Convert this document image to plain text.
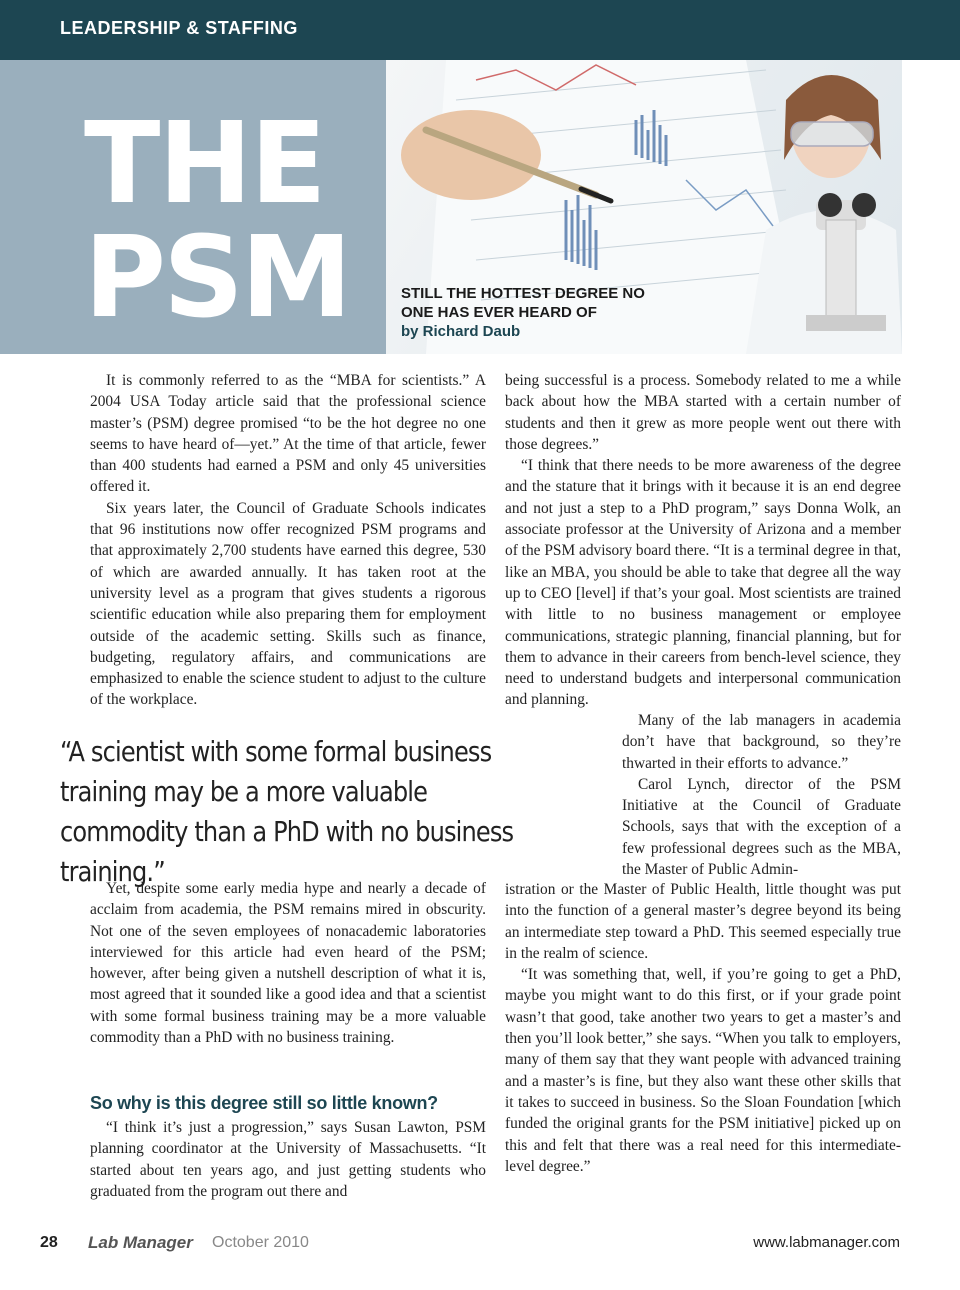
LEADERSHIP & STAFFING
THE
PSM	STILL THE HOTTEST DEGREE NO
ONE HAS EVER HEARD OF
by Richard Daub

It is commonly referred to as the “MBA for scientists.” A 2004 USA Today article said that the professional science master’s (PSM) degree promised “to be the hot degree no one seems to have heard of—yet.” At the time of that article, fewer than 400 students had earned a PSM and only 45 universities offered it.

Six years later, the Council of Graduate Schools indicates that 96 institutions now offer recognized PSM programs and that approximately 2,700 students have earned this degree, 530 of which are awarded annually. It has taken root at the university level as a program that gives students a rigorous scientific education while also preparing them for employment outside of the academic setting. Skills such as finance, budgeting, regulatory affairs, and communications are emphasized to enable the science student to adjust to the culture of the workplace.

being successful is a process. Somebody related to me a while back about how the MBA started with a certain number of students and then it grew as more people went out there with those degrees.”

“I think that there needs to be more awareness of the degree and the stature that it brings with it because it is an end degree and not just a step to a PhD program,” says Donna Wolk, an associate professor at the University of Arizona and a member of the PSM advisory board there. “It is a terminal degree in that, like an MBA, you should be able to take that degree all the way up to CEO [level] if that’s your goal. Most scientists are trained with little to no business management or employee communications, strategic planning, financial planning, but for them to advance in their careers from bench-level science, they need to understand budgets and interpersonal communication and planning.

“A scientist with some formal business training may be a more valuable commodity than a PhD with no business training.”

Many of the lab managers in academia don’t have that background, so they’re thwarted in their efforts to advance.”

Carol Lynch, director of the PSM Initiative at the Council of Graduate Schools, says that with the exception of a few professional degrees such as the MBA, the Master of Public Admin-

Yet, despite some early media hype and nearly a decade of acclaim from academia, the PSM remains mired in obscurity. Not one of the seven employees of nonacademic laboratories interviewed for this article had even heard of the PSM; however, after being given a nutshell description of what it is, most agreed that it sounded like a good idea and that a scientist with some formal business training may be a more valuable commodity than a PhD with no business training.

istration or the Master of Public Health, little thought was put into the function of a general master’s degree beyond its being an intermediate step toward a PhD. This seemed especially true in the realm of science.

“It was something that, well, if you’re going to get a PhD, maybe you might want to do this first, or if your grade point wasn’t that good, take another two years to get a master’s and then you’ll look better,” she says. “When you talk to employers, many of them say that they want people with advanced training and a master’s is fine, but they also want these other skills that it takes to succeed in business. So the Sloan Foundation [which funded the original grants for the PSM initiative] picked up on this and felt that there was a real need for this intermediate-level degree.”

So why is this degree still so little known?

“I think it’s just a progression,” says Susan Lawton, PSM planning coordinator at the University of Massachusetts. “It started about ten years ago, and just getting students who graduated from the program out there and

28 Lab Manager October 2010	www.labmanager.com
